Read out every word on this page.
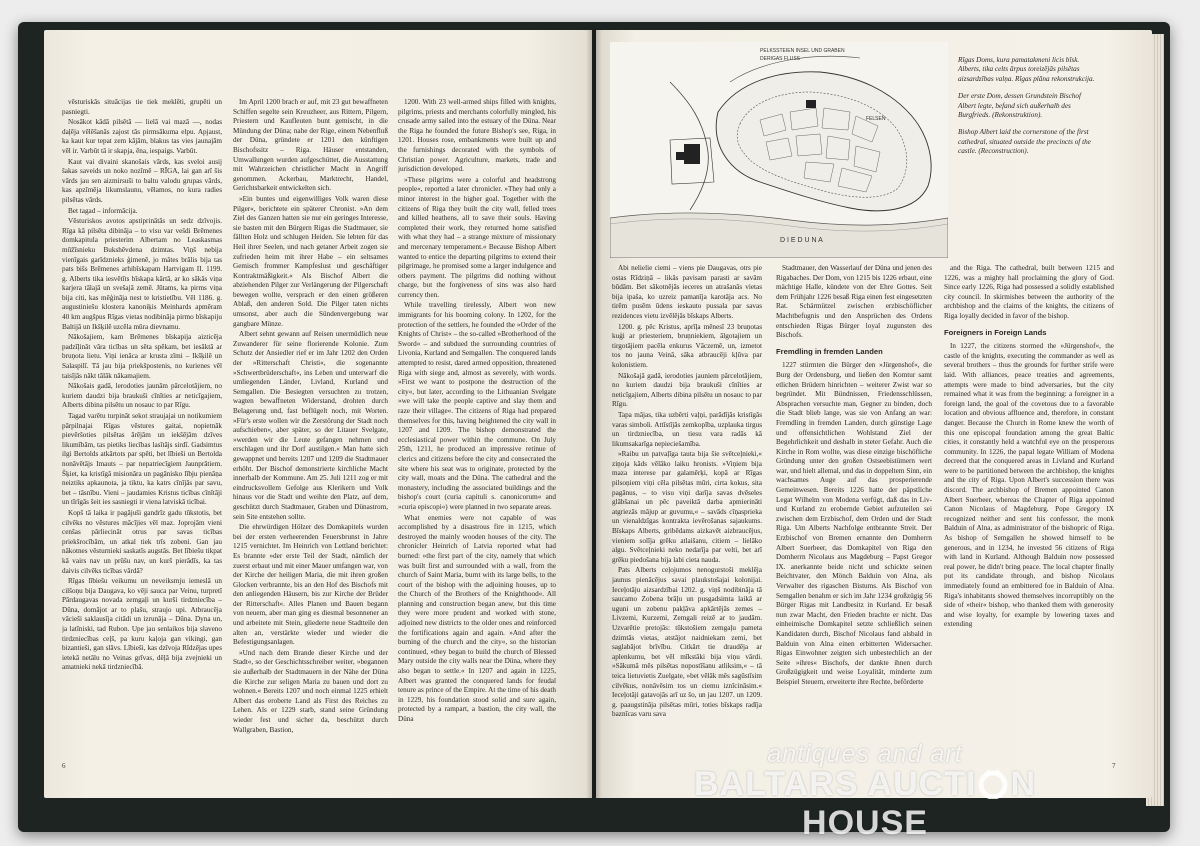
vēsturiskās situācijas tie tiek meklēti, grupēti un pasniegti.

Nosākot kādā pilsētā — lielā vai mazā —, nodas daļēja vēlēšanās zajost tās pirmsākuma elpu. Apjaust, ka kaut kur tepat zem kājām, blakus tas vies jaunajām vēl ir. Varbūt tā ir skapja, ēna, iespaigs. Varbūt.

Kaut vai divaini skanošais vārds, kas sveloi ausij šakas saveids un noko nozīmē – RĪGA, lai gan arī šis vārds jau sen aizmirsuši to baltu valodu grupas vārds, kas apzīmēja likumslaunu, vēlamos, no kura radies pilsētas vārds.

Bet tagad – informācija.

Vēsturiskos avotos apstiprinātās un sedz dzīvojis. Rīga kā pilsēta dibināja – to visu var vešdi Brēmenes domkapitula priesterim Albertam no Leaskasmas mūžīsnieku Bukshēvdena dzimtas. Viņš nebija vienīgais garīdznieks ģimenē, jo mātes brālis bija tas pats bišs Brēmenes arhibīskapam Hartvigam II. 1199. g. Alberts tika iesvētīts bīskapa kārtā, ar ko sākās viņa karjera tālajā un svešajā zemē. Jūtams, ka pirms viņa bija citi, kas mēģināja nest te kristietību. Vēl 1186. g. augustiniešu klostera kanoniķis Meinhards apmēram 40 km augšpus Rīgas vietas nodibināja pirmo bīskapiju Baltijā un Ikšķilē uzcēla mūra dievnamu.

Nākošajiem, kam Brēmenes bīskapija aizticēja padzīļināt vāra ticības un sēta spēkam, bet iesāktā ar bruņota lietu. Viņi ienāca ar krusta zīmi – Ikšķilē un Salaspilī. Tā jau bija priekšpostenis, no kurienes vēl taisījās nākt tālāk nākamajiem.

Nākošais gadā, lerodoties jaunām pārcelotājiem, no kuriem daudzi bija braukuši cīnīties ar neticīgajiem, Alberts dibina pilsētu un nosauc to par Rīgu.

Tagad varētu turpināt sekot straujajai un notikumiem pārpilnajai Rīgas vēstures gaitai, nopietnāk pievēršoties pilsētas ārējām un iekšējām dzīves likumībām, tas pietiks liecības lasītājs sirdī. Gadsimtus ilgi Bertolds atkārtots par spēti, bet lībieši un Bertolda nonāvētājs Imauts – par nepatriecīgiem Jaunprātiem. Šķiet, ka kristīgā misionāra un pagānisko lībju pienāņa neiztiks apkaunota, ja tiktu, ka katrs cīnījās par savu, bet – tāsnību. Vieni – jaudamies Kristus ticības cīnītāji un tīrīgās šeit ies sasniegti ir viena latviskā ticībai.

Kopš tā laika ir pagājuši gandrīz gadu tūkstotis, bet cilvēks no vēstures mācījies vēl maz. Joprojām vieni cenšas pārliecināt otrus par savas ticības priekšrocībām, un atkal tiek trīs zobeni. Gan jau nākotnes vēsturnieki saskatīs augstās. Bet lībiešu tikpat kā vairs nav un prūšu nav, un kurš pierādīs, ka tas daivis cilvēks ticības vārdā?

Rīgas lībiešu veikumu un neveiksmju iemeslā un cilšoņu bija Daugava, ko vēji sauca par Veinu, turpretī Pārdaugavas novada zemgaļi un kurši tirdzniecība – Dūna, domājot ar to plašu, straujo upi. Atbraucēja vācieši saklausīja citādi un izrunāja – Dūna. Dyna un, ja latīniski, tad Rubon. Upe jau senlaikos bija slaveno tirdzniecības ceļš, pa kuru kaļoja gan vikingi, gan bizantieši, gan slāvs. Lībieši, kas dzīvoja Rīdzējas upes ietekā netālu no Veinas grīvas, dēļā bija zvejnieki un amatnieki nekā tirdzniecībā.

Im April 1200 brach er auf, mit 23 gut bewaffneten Schiffen segelte sein Kreuzheer, aus Rittern, Pilgern, Priestern und Kaufleuten bunt gemischt, in die Mündung der Düna; nahe der Rige, einem Nebenfluß der Düna, gründete er 1201 den künftigen Bischofssitz – Riga. Häuser entstanden, Umwallungen wurden aufgeschüttet, die Ausstattung mit Wahrzeichen christlicher Macht in Angriff genommen. Ackerbau, Marktrecht, Handel, Gerichtsbarkeit entwickelten sich.

»Ein buntes und eigenwilliges Volk waren diese Pilger«, berichtete ein späterer Chronist. »An dem Ziel des Ganzen hatten sie nur ein geringes Interesse, sie basten mit den Bürgern Rigas die Stadtmauer, sie fällten Holz und schlugen Heiden. Sie lebten für das Heil ihrer Seelen, und nach getaner Arbeit zogen sie zufrieden heim mit ihrer Habe – ein seltsames Gemisch frommer Kampfeslust und geschäftiger Kontraktmäßigkeit.« Als Bischof Albert die abziehenden Pilger zur Verlängerung der Pilgerschaft bewegen wollte, versprach er den einen größeren Ablaß, den anderen Sold. Die Pilger taten nichts umsonst, aber auch die Sündenvergebung war gangbare Münze.

Albert sehnt gewann auf Reisen unermüdlich neue Zuwanderer für seine florierende Kolonie. Zum Schutz der Ansiedler rief er im Jahr 1202 den Orden der »Ritterschaft Christi«, die sogenannte »Schwertbrüderschaft«, ins Leben und unterwarf die umliegenden Länder, Livland, Kurland und Semgallen. Die Besiegten versuchten zu trotzen, wagten bewaffneten Widerstand, drohten durch Belagerung und, fast beflügelt noch, mit Worten. »Für's erste wollen wir die Zerstörung der Stadt noch aufschieben«, aber später, so der Litauer Svelgate, »werden wir die Leute gefangen nehmen und erschlagen und ihr Dorf austilgen.« Man hatte sich gewappnet und bereits 1207 und 1209 die Stadtmauer erhöht. Der Bischof demonstrierte kirchliche Macht innerhalb der Kommune. Am 25. Juli 1211 zog er mit eindrucksvollem Gefolge aus Klerikern und Volk hinaus vor die Stadt und weihte den Platz, auf dem, geschützt durch Stadtmauer, Graben und Dünastrom, sein Site entstehen sollte.

Die ehrwürdigen Hölzer des Domkapitels wurden bei der ersten verheerenden Feuersbrunst in Jahre 1215 vernichtet. Im Heinrich von Lettland berichtet: Es brannte »der erste Teil der Stadt, nämlich der zuerst erbaut und mit einer Mauer umfangen war, von der Kirche der heiligen Maria, die mit ihren großen Glocken verbrannte, bis an den Hof des Bischofs mit den anliegenden Häusern, bis zur Kirche der Brüder der Ritterschaft«. Alles Planen und Bauen begann von neuem, aber man ging es diesmal besonnener an und arbeitete mit Stein, gliederte neue Stadtteile den alten an, verstärkte wieder und wieder die Befestigungsanlagen.

»Und nach dem Brande dieser Kirche und der Stadt«, so der Geschichtsschreiber weiter, »begannen sie außerhalb der Stadtmauern in der Nähe der Düna die Kirche zur seligen Maria zu bauen und dort zu wohnen.« Bereits 1207 und noch einmal 1225 erhielt Albert das eroberte Land als First des Reiches zu Lehen. Als er 1229 starb, stand seine Gründung wieder fest und sicher da, beschützt durch Wallgraben, Bastion,

1200. With 23 well-armed ships filled with knights, pilgrims, priests and merchants colorfully mingled, his crusade army sailed into the estuary of the Düna. Near the Riga he founded the future Bishop's see, Riga, in 1201. Houses rose, embankments were built up and the furnishings decorated with the symbols of Christian power. Agriculture, markets, trade and jurisdiction developed.

»These pilgrims were a colorful and headstrong people«, reported a later chronicler. »They had only a minor interest in the higher goal. Together with the citizens of Riga they built the city wall, felled trees and killed heathens, all to save their souls. Having completed their work, they returned home satisfied with what they had – a strange mixture of missionary and mercenary temperament.« Because Bishop Albert wanted to entice the departing pilgrims to extend their pilgrimage, he promised some a larger indulgence and others payment. The pilgrims did nothing without charge, but the forgiveness of sins was also hard currency then.

While travelling tirelessly, Albert won new immigrants for his booming colony. In 1202, for the protection of the settlers, he founded the »Order of the Knights of Christ« – the so-called »Brotherhood of the Sword« – and subdued the surrounding countries of Livonia, Kurland and Semgallen. The conquered lands attempted to resist, dared armed opposition, threatened Riga with siege and, almost as severely, with words. »First we want to postpone the destruction of the city«, but later, according to the Lithuanian Svelgate »we will take the people captive and slay them and raze their village«. The citizens of Riga had prepared themselves for this, having heightened the city wall in 1207 and 1209. The bishop demonstrated the ecclesiastical power within the commune. On July 25th, 1211, he produced an impressive retinue of clerics and citizens before the city and consecrated the site where his seat was to originate, protected by the city wall, moats and the Düna. The cathedral and the monastery, including the associated buildings and the bishop's court (curia capituli s. canonicorum« and »curia episcopi«) were planned in two separate areas.

What enemies were not capable of was accomplished by a disastrous fire in 1215, which destroyed the mainly wooden houses of the city. The chronicler Heinrich of Latvia reported what had burned: »the first part of the city, namely that which was built first and surrounded with a wall, from the church of Saint Maria, burnt with its large bells, to the court of the bishop with the adjoining houses, up to the Church of the Brothers of the Knighthood«. All planning and construction began anew, but this time they were more prudent and worked with stone, adjoined new districts to the older ones and reinforced the fortifications again and again. »And after the burning of the church and the city«, so the historian continued, »they began to build the church of Blessed Mary outside the city walls near the Düna, where they also began to settle.« In 1207 and again in 1225, Albert was granted the conquered lands for feudal tenure as prince of the Empire. At the time of his death in 1229, his foundation stood solid and sure again, protected by a rampart, a bastion, the city wall, the Düna

6
PELKSSTEIEN INSEL UND GRABEN
DERIGAS FLUSS
FELSEN
D I E D U N A

Rīgas Doms, kura pamatakmeni licis bīsk. Alberts, tika celts ārpus toreizējās pilsētas aizsardzības valņa. Rīgas plāna rekonstrukcija.

Der erste Dom, dessen Grundstein Bischof Albert legte, befand sich außerhalb des Burgfrieds. (Rekonstruktion).

Bishop Albert laid the cornerstone of the first cathedral, situated outside the precincts of the castle. (Reconstruction).

Abi nelielie ciemi – viens pie Daugavas, otrs pie ostas Rīdziņā – likās pavisam parasti ar savām būdām. Bet sākotnējās ieceres un atrašanās vietas bija ipaša, ko uzreiz pamanīja karotāja acs. No tirēm pusēm ūdens ieskauto pussala par savas rezidences vietu izvēlējās bīskaps Alberts.

1200. g. pēc Kristus, aprīļa mēnesī 23 bruņotas kuģi ar priesteriem, bruņniekiem, ālgotajiem un tirgotājiem pacēla enkurus Vāczemē, un, izmetot tos no jauna Veinā, sāka atbraucēji kļūva par kolonistiem.

Nākošajā gadā, ierodoties jauniem pārcelotājiem, no kuriem daudzi bija braukuši cīnīties ar neticīgajiem, Alberts dibina pilsētu un nosauc to par Rīgu.

Tapa mājas, tika uzbērti vaļņi, parādījās kristīgās varas simboli. Attīstījās zemkopība, uzplauka tirgus un tirdzniecība, un tiesu vara radās kā likumsakarīga nepieciešamība.

»Raibu un patvaļīga tauta bija šie svētceļnieki,« ziņoja kāds vēlāko laiku hronists. »Viņiem bija maza interese par galamērķi, kopā ar Rīgas pilsoņiem viņi cēla pilsētas mūri, cirta kokus, sita pagānus, – to visu viņi darīja savas dvēseles glābšanai un pēc paveiktā darba apmierināti atgriezās mājup ar guvumu,« – savāds cīņasprieka un vienaldzīgas kontrakta ievērošanas sajaukums. Bīskaps Alberts, gribēdams aizkavēt aizbraucējus, vieniem solīja grēku atlaišanu, citiem – lielāko algu. Svētceļnieki neko nedarīja par velti, bet arī grēku piedošana bija labi cieta nauda.

Pats Alberts ceļojumos nenogurstoši meklēja jaunus pienācējus savai plaukstošajai kolonijai. Ieceļotāju aizsardzībai 1202. g. viņš nodibināja tā saucamo Zobena brāļu un pusgadsimta laikā ar uguni un zobenu pakļāva apkārtējās zemes – Livzemi, Kurzemi, Zemgali reizē ar to jaudām. Uzvarētie pretojās: tūkstošiem zemgaļu pameta dzimtās vietas, atstājot naidniekam zemi, bet saglabājot brīvību. Citkārt tie draudēja ar aplenkumu, bet vēl mīkstāki bija viņu vārdi. »Sākumā mēs pilsētas nopostīšanu atliksim,« – tā teica lietuvietis Zuelgate, »bet vēlāk mēs sagūstīsim cilvēkus, nonāvēsim tos un ciemu iznīcināsim.« Ieceļotāji gatavojās arī uz šo, un jau 1207. un 1209. g. paaugstināja pilsētas mūri, toties bīskaps radīja baznīcas varu sava

Stadtmauer, den Wasserlauf der Düna und jenen des Rigabaches. Der Dom, von 1215 bis 1226 erbaut, eine mächtige Halle, kündete von der Ehre Gottes. Seit dem Frühjahr 1226 besaß Riga einen fest eingesetzten Rat. Schärmützel zwischen erzbischöflicher Machtbefugnis und den Ansprüchen des Ordens entschieden Rigas Bürger loyal zugunsten des Bischofs.

Fremdling in fremden Landen

1227 stürmten die Bürger den »Jürgenshof«, die Burg der Ordensburg, und ließen den Komtur samt etlichen Brüdern hinrichten – weiterer Zwist war so begründet. Mit Bündnissen, Friedensschlüssen, Absprachen versuchte man, Gegner zu binden, doch die Stadt blieb lange, was sie von Anfang an war: Fremdling in fremden Landen, durch günstige Lage und offensichtlichen Wohlstand Ziel der Begehrlichkeit und deshalb in steter Gefahr. Auch die Kirche in Rom wollte, was diese einzige bischöfliche Gründung unter den großen Ostseebistümern wert war, und hielt allemal, und das in doppeltem Sinn, ein wachsames Auge auf das prosperierende Gemeinwesen. Bereits 1226 hatte der päpstliche Legat Wilhelm von Modena verfügt, daß das in Liv- und Kurland zu erobernde Gebiet aufzuteilen sei zwischen dem Erzbischof, dem Orden und der Stadt Riga. Um Alberts Nachfolge entbrannte Streit. Der Erzbischof von Bremen ernannte den Domherrn Albert Suerbeer, das Domkapitel von Riga den Domherrn Nicolaus aus Magdeburg – Papst Gregor IX. anerkannte beide nicht und schickte seinen Beichtvater, den Mönch Balduin von Alna, als Verwalter des rigaschen Bistums. Als Bischof von Semgallen benahm er sich im Jahr 1234 großzügig 56 Bürger Rigas mit Landbesitz in Kurland. Er besaß nun zwar Macht, den Frieden brachte er nicht. Das einheimische Domkapitel setzte schließlich seinen Kandidaten durch, Bischof Nicolaus fand alsbald in Balduin von Alna einen erbitterten Widersacher. Rigas Einwohner zeigten sich unbestechlich an der Seite »ihres« Bischofs, der dankte ihnen durch Großzügigkeit und weise Loyalität, minderte zum Beispiel Steuern, erweiterte ihre Rechte, beförderte

and the Riga. The cathedral, built between 1215 and 1226, was a mighty hall proclaiming the glory of God. Since early 1226, Riga had possessed a solidly established city council. In skirmishes between the authority of the archbishop and the claims of the knights, the citizens of Riga loyally decided in favor of the bishop.

Foreigners in Foreign Lands

In 1227, the citizens stormed the »Jürgenshof«, the castle of the knights, executing the commander as well as several brothers – thus the grounds for further strife were laid. With alliances, peace treaties and agreements, attempts were made to bind adversaries, but the city remained what it was from the beginning: a foreigner in a foreign land, the goal of the covetous due to a favorable location and obvious affluence and, therefore, in constant danger. Because the Church in Rome knew the worth of this one episcopal foundation among the great Baltic cities, it constantly held a watchful eye on the prosperous community. In 1226, the papal legate William of Modena decreed that the conquered areas in Livland and Kurland were to be partitioned between the archbishop, the knights and the city of Riga. Upon Albert's succession there was discord. The archbishop of Bremen appointed Canon Albert Suerbeer, whereas the Chapter of Riga appointed Canon Nicolaus of Magdeburg. Pope Gregory IX recognized neither and sent his confessor, the monk Balduin of Alna, as administrator of the bishopric of Riga. As bishop of Semgallen he showed himself to be generous, and in 1234, he invested 56 citizens of Riga with land in Kurland. Although Balduin now possessed real power, he didn't bring peace. The local chapter finally put its candidate through, and bishop Nicolaus immediately found an embittered foe in Balduin of Alna. Riga's inhabitants showed themselves incorruptibly on the side of »their« bishop, who thanked them with generosity and wise loyalty, for example by lowering taxes and extending

7
antiques and art
BALTARS AUCTI N HOUSE
